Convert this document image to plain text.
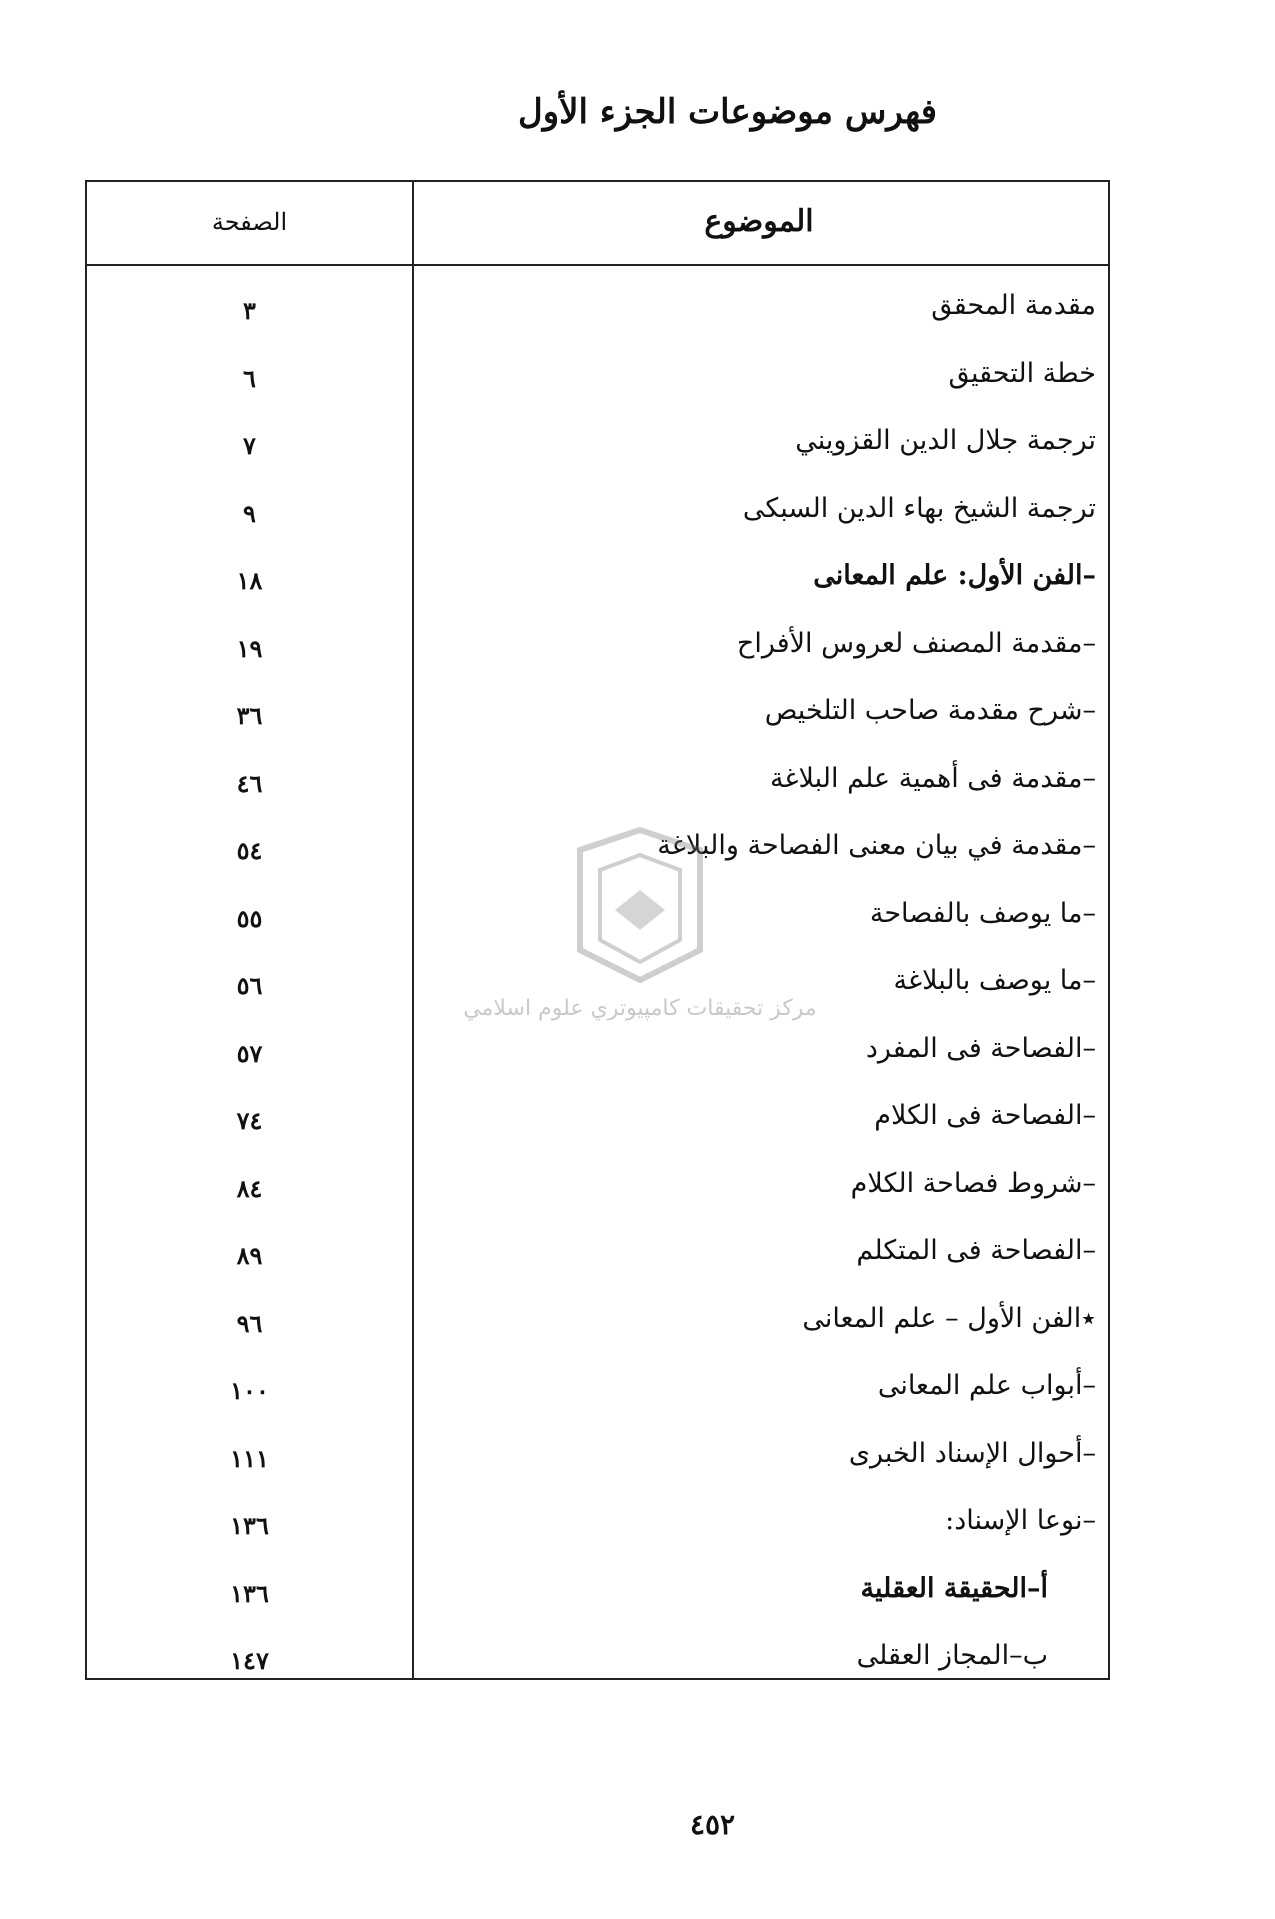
فهرس موضوعات الجزء الأول
الموضوع
الصفحة
مقدمة المحقق
٣
خطة التحقيق
٦
ترجمة جلال الدين القزويني
٧
ترجمة الشيخ بهاء الدين السبكى
٩
–الفن الأول: علم المعانى
١٨
–مقدمة المصنف لعروس الأفراح
١٩
–شرح مقدمة صاحب التلخيص
٣٦
–مقدمة فى أهمية علم البلاغة
٤٦
–مقدمة في بيان معنى الفصاحة والبلاغة
٥٤
–ما يوصف بالفصاحة
٥٥
–ما يوصف بالبلاغة
٥٦
–الفصاحة فى المفرد
٥٧
–الفصاحة فى الكلام
٧٤
–شروط فصاحة الكلام
٨٤
–الفصاحة فى المتكلم
٨٩
٭الفن الأول – علم المعانى
٩٦
–أبواب علم المعانى
١٠٠
–أحوال الإسناد الخبرى
١١١
–نوعا الإسناد:
١٣٦
أ–الحقيقة العقلية
١٣٦
ب–المجاز العقلى
١٤٧
مركز تحقيقات كامپيوتري علوم اسلامي
٤٥٢
